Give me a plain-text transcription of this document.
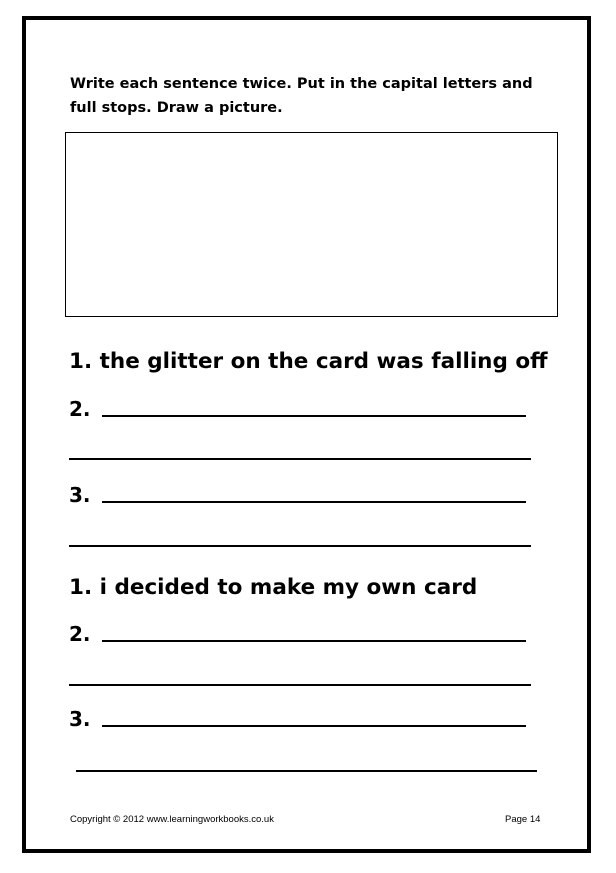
Write each sentence twice. Put in the capital letters and full stops. Draw a picture.
1. the glitter on the card was falling off
2.
3.
1. i decided to make my own card
2.
3.
Copyright © 2012 www.learningworkbooks.co.uk	Page 14
